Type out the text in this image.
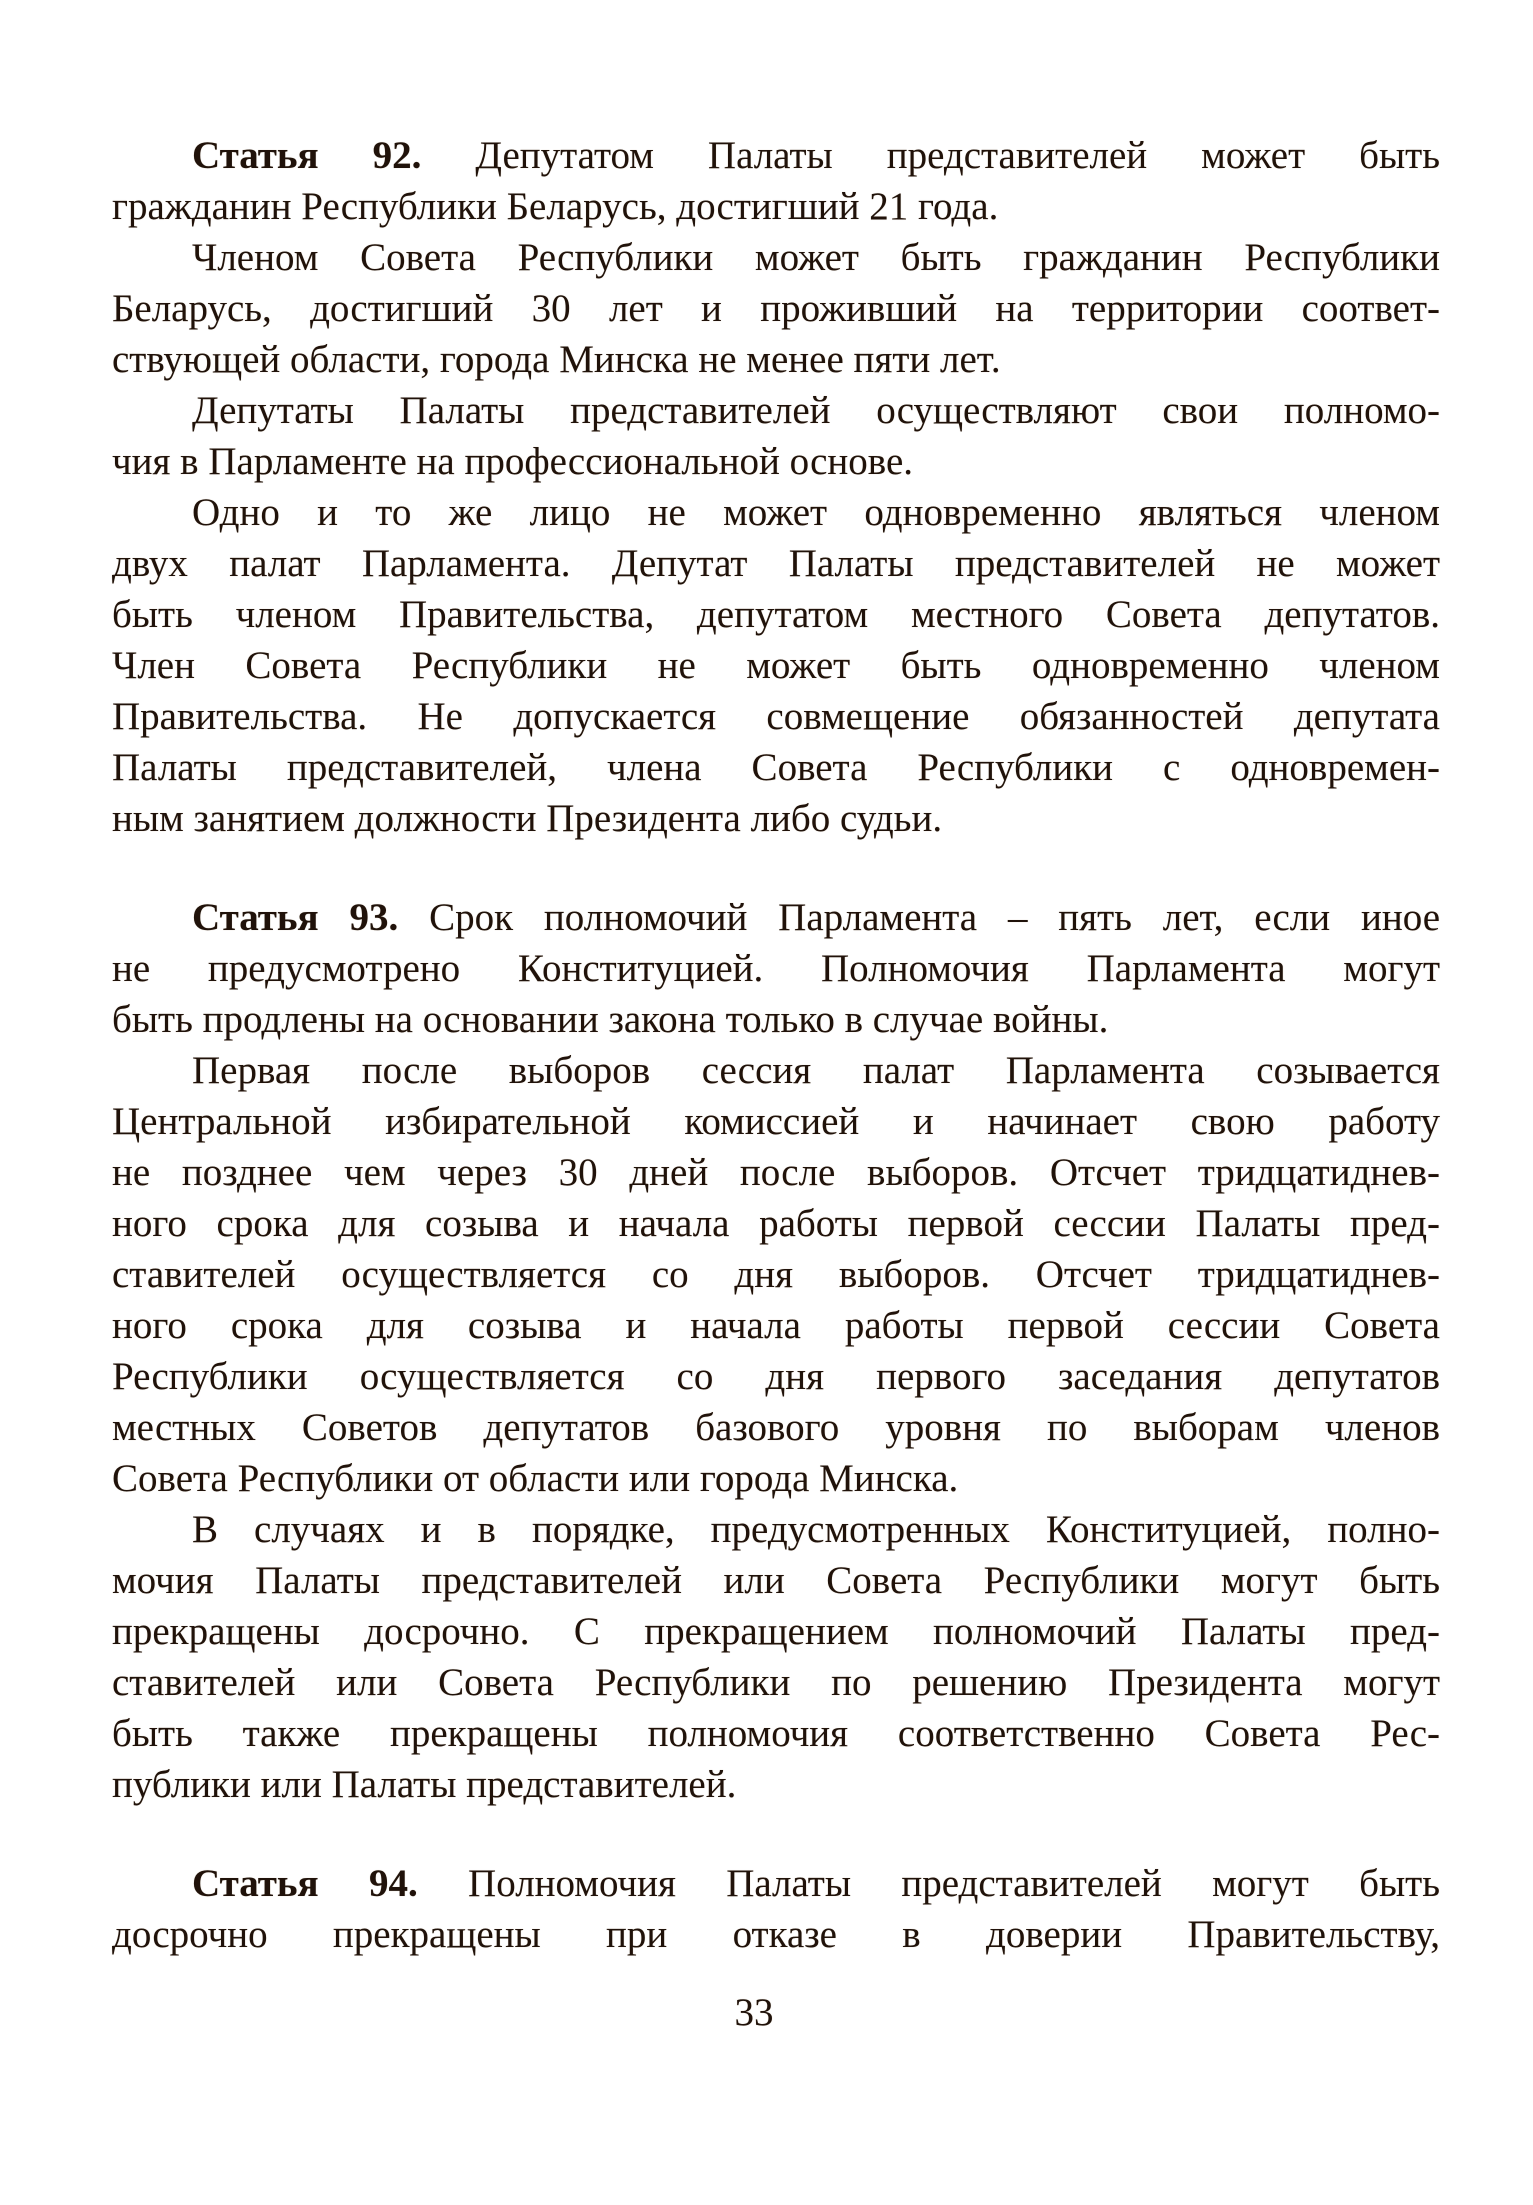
Статья 92. Депутатом Палаты представителей может быть
гражданин Республики Беларусь, достигший 21 года.
Членом Совета Республики может быть гражданин Республики
Беларусь, достигший 30 лет и проживший на территории соответ-
ствующей области, города Минска не менее пяти лет.
Депутаты Палаты представителей осуществляют свои полномо-
чия в Парламенте на профессиональной основе.
Одно и то же лицо не может одновременно являться членом
двух палат Парламента. Депутат Палаты представителей не может
быть членом Правительства, депутатом местного Совета депутатов.
Член Совета Республики не может быть одновременно членом
Правительства. Не допускается совмещение обязанностей депутата
Палаты представителей, члена Совета Республики с одновремен-
ным занятием должности Президента либо судьи.
Статья 93. Срок полномочий Парламента – пять лет, если иное
не предусмотрено Конституцией. Полномочия Парламента могут
быть продлены на основании закона только в случае войны.
Первая после выборов сессия палат Парламента созывается
Центральной избирательной комиссией и начинает свою работу
не позднее чем через 30 дней после выборов. Отсчет тридцатиднев-
ного срока для созыва и начала работы первой сессии Палаты пред-
ставителей осуществляется со дня выборов. Отсчет тридцатиднев-
ного срока для созыва и начала работы первой сессии Совета
Республики осуществляется со дня первого заседания депутатов
местных Советов депутатов базового уровня по выборам членов
Совета Республики от области или города Минска.
В случаях и в порядке, предусмотренных Конституцией, полно-
мочия Палаты представителей или Совета Республики могут быть
прекращены досрочно. С прекращением полномочий Палаты пред-
ставителей или Совета Республики по решению Президента могут
быть также прекращены полномочия соответственно Совета Рес-
публики или Палаты представителей.
Статья 94. Полномочия Палаты представителей могут быть
досрочно прекращены при отказе в доверии Правительству,
33
